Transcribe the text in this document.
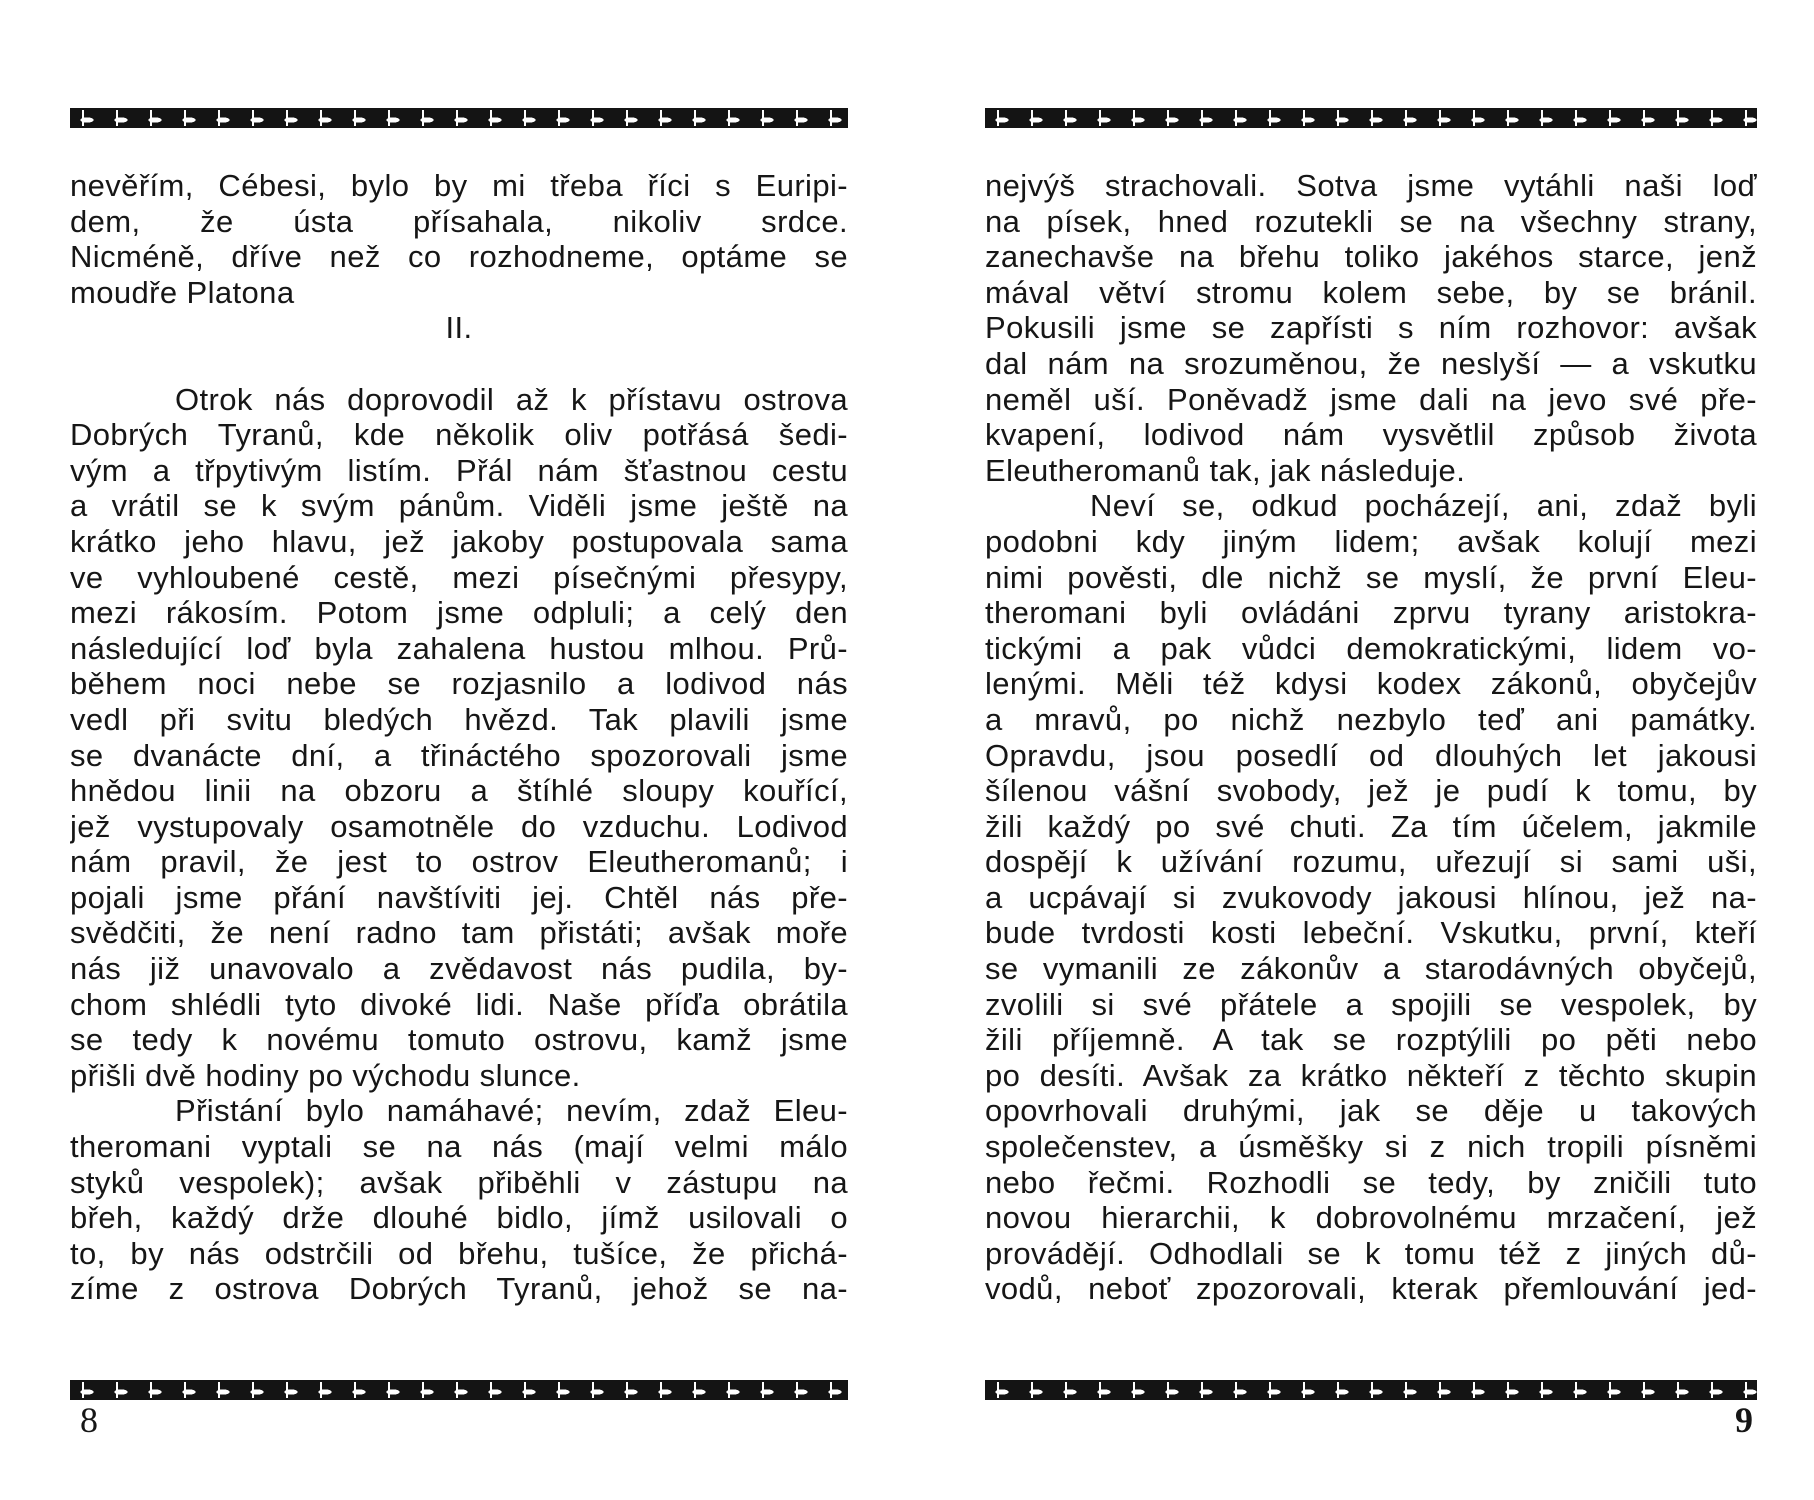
nevěřím, Cébesi, bylo by mi třeba říci s Euripi-
dem, že ústa přísahala, nikoliv srdce.
Nicméně, dříve než co rozhodneme, optáme se
moudře Platona
II.
Otrok nás doprovodil až k přístavu ostrova
Dobrých Tyranů, kde několik oliv potřásá šedi-
vým a třpytivým listím. Přál nám šťastnou cestu
a vrátil se k svým pánům. Viděli jsme ještě na
krátko jeho hlavu, jež jakoby postupovala sama
ve vyhloubené cestě, mezi písečnými přesypy,
mezi rákosím. Potom jsme odpluli; a celý den
následující loď byla zahalena hustou mlhou. Prů-
během noci nebe se rozjasnilo a lodivod nás
vedl při svitu bledých hvězd. Tak plavili jsme
se dvanácte dní, a třináctého spozorovali jsme
hnědou linii na obzoru a štíhlé sloupy kouřící,
jež vystupovaly osamotněle do vzduchu. Lodivod
nám pravil, že jest to ostrov Eleutheromanů; i
pojali jsme přání navštíviti jej. Chtěl nás pře-
svědčiti, že není radno tam přistáti; avšak moře
nás již unavovalo a zvědavost nás pudila, by-
chom shlédli tyto divoké lidi. Naše příďa obrátila
se tedy k novému tomuto ostrovu, kamž jsme
přišli dvě hodiny po východu slunce.
Přistání bylo namáhavé; nevím, zdaž Eleu-
theromani vyptali se na nás (mají velmi málo
styků vespolek); avšak přiběhli v zástupu na
břeh, každý drže dlouhé bidlo, jímž usilovali o
to, by nás odstrčili od břehu, tušíce, že přichá-
zíme z ostrova Dobrých Tyranů, jehož se na-
8
nejvýš strachovali. Sotva jsme vytáhli naši loď
na písek, hned rozutekli se na všechny strany,
zanechavše na břehu toliko jakéhos starce, jenž
mával větví stromu kolem sebe, by se bránil.
Pokusili jsme se zapřísti s ním rozhovor: avšak
dal nám na srozuměnou, že neslyší — a vskutku
neměl uší. Poněvadž jsme dali na jevo své pře-
kvapení, lodivod nám vysvětlil způsob života
Eleutheromanů tak, jak následuje.
Neví se, odkud pocházejí, ani, zdaž byli
podobni kdy jiným lidem; avšak kolují mezi
nimi pověsti, dle nichž se myslí, že první Eleu-
theromani byli ovládáni zprvu tyrany aristokra-
tickými a pak vůdci demokratickými, lidem vo-
lenými. Měli též kdysi kodex zákonů, obyčejův
a mravů, po nichž nezbylo teď ani památky.
Opravdu, jsou posedlí od dlouhých let jakousi
šílenou vášní svobody, jež je pudí k tomu, by
žili každý po své chuti. Za tím účelem, jakmile
dospějí k užívání rozumu, uřezují si sami uši,
a ucpávají si zvukovody jakousi hlínou, jež na-
bude tvrdosti kosti lebeční. Vskutku, první, kteří
se vymanili ze zákonův a starodávných obyčejů,
zvolili si své přátele a spojili se vespolek, by
žili příjemně. A tak se rozptýlili po pěti nebo
po desíti. Avšak za krátko někteří z těchto skupin
opovrhovali druhými, jak se děje u takových
společenstev, a úsměšky si z nich tropili písněmi
nebo řečmi. Rozhodli se tedy, by zničili tuto
novou hierarchii, k dobrovolnému mrzačení, jež
provádějí. Odhodlali se k tomu též z jiných dů-
vodů, neboť zpozorovali, kterak přemlouvání jed-
9
